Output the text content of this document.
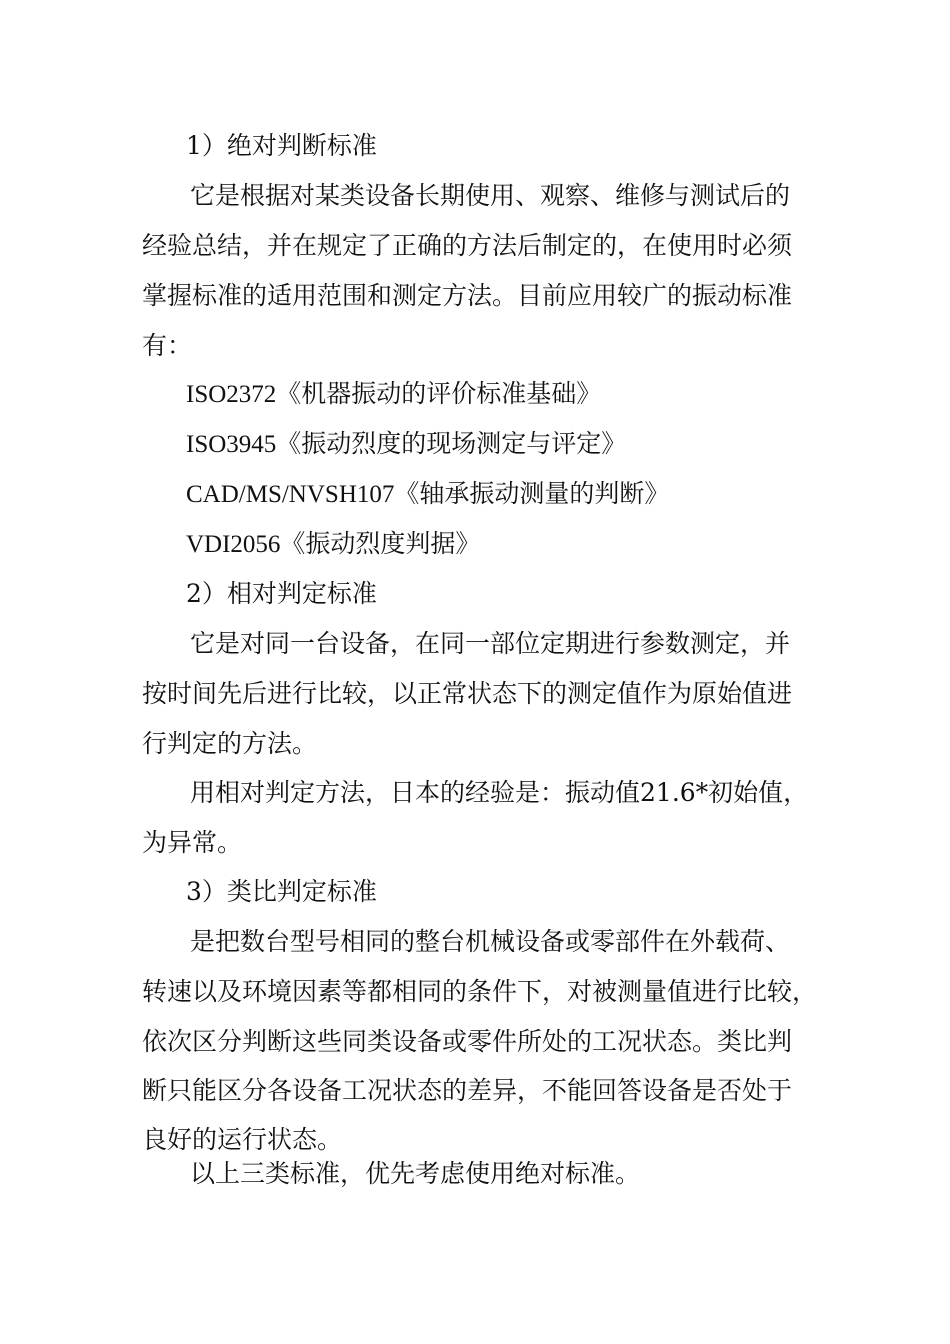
1）绝对判断标准
它是根据对某类设备长期使用、观察、维修与测试后的
经验总结，并在规定了正确的方法后制定的，在使用时必须
掌握标准的适用范围和测定方法。目前应用较广的振动标准
有：
ISO2372《机器振动的评价标准基础》
ISO3945《振动烈度的现场测定与评定》
CAD/MS/NVSH107《轴承振动测量的判断》
VDI2056《振动烈度判据》
2）相对判定标准
它是对同一台设备，在同一部位定期进行参数测定，并
按时间先后进行比较，以正常状态下的测定值作为原始值进
行判定的方法。
用相对判定方法，日本的经验是：振动值21.6*初始值，
为异常。
3）类比判定标准
是把数台型号相同的整台机械设备或零部件在外载荷、
转速以及环境因素等都相同的条件下，对被测量值进行比较，
依次区分判断这些同类设备或零件所处的工况状态。类比判
断只能区分各设备工况状态的差异，不能回答设备是否处于
良好的运行状态。
以上三类标准，优先考虑使用绝对标准。
